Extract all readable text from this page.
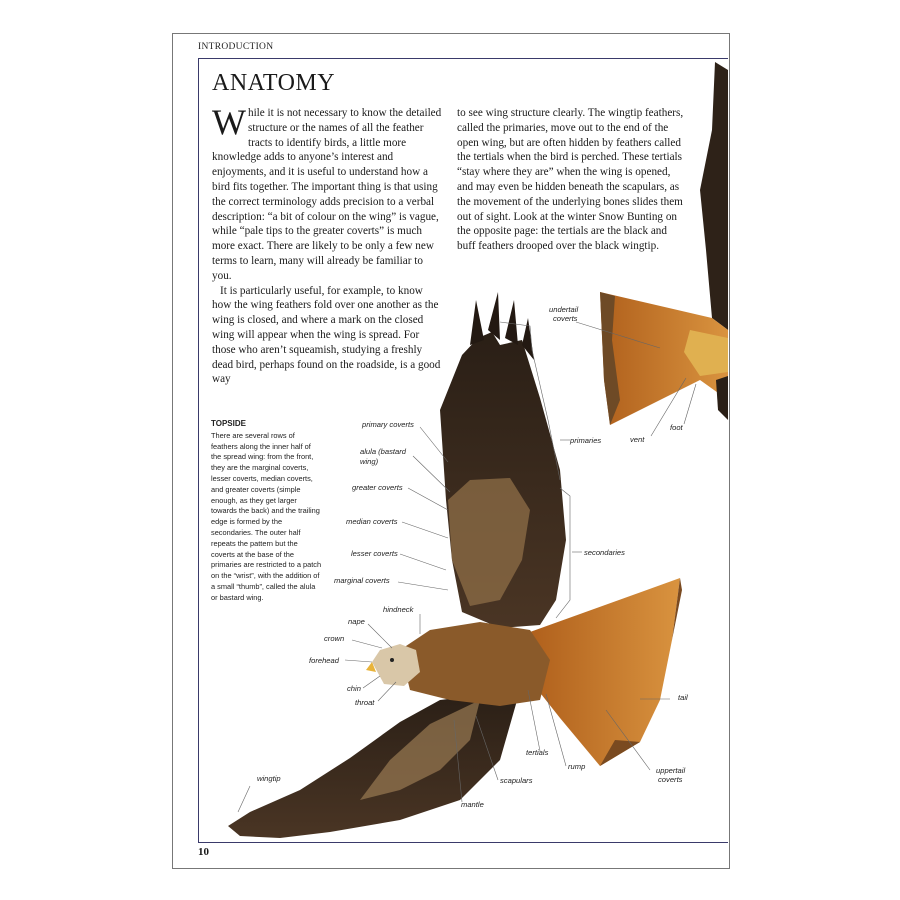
INTRODUCTION
ANATOMY

While it is not necessary to know the detailed structure or the names of all the feather tracts to identify birds, a little more knowledge adds to anyone’s interest and enjoyments, and it is useful to understand how a bird fits together. The important thing is that using the correct terminology adds precision to a verbal description: “a bit of colour on the wing” is vague, while “pale tips to the greater coverts” is much more exact. There are likely to be only a few new terms to learn, many will already be familiar to you.

It is particularly useful, for example, to know how the wing feathers fold over one another as the wing is closed, and where a mark on the closed wing will appear when the wing is spread. For those who aren’t squeamish, studying a freshly dead bird, perhaps found on the roadside, is a good way

to see wing structure clearly. The wingtip feathers, called the primaries, move out to the end of the open wing, but are often hidden by feathers called the tertials when the bird is perched. These tertials “stay where they are” when the wing is opened, and may even be hidden beneath the scapulars, as the movement of the underlying bones slides them out of sight. Look at the winter Snow Bunting on the opposite page: the tertials are the black and buff feathers drooped over the black wingtip.

TOPSIDE
There are several rows of feathers along the inner half of the spread wing: from the front, they are the marginal coverts, lesser coverts, median coverts, and greater coverts (simple enough, as they get larger towards the back) and the trailing edge is formed by the secondaries. The outer half repeats the pattern but the coverts at the base of the primaries are restricted to a patch on the “wrist”, with the addition of a small “thumb”, called the alula or bastard wing.
undertail
coverts
foot
vent
primaries
secondaries
primary coverts
alula (bastard
wing)
greater coverts
median coverts
lesser coverts
marginal coverts
hindneck
nape
crown
forehead
chin
throat
tail
tertials
rump	uppertail
coverts
scapulars
mantle
wingtip
10
